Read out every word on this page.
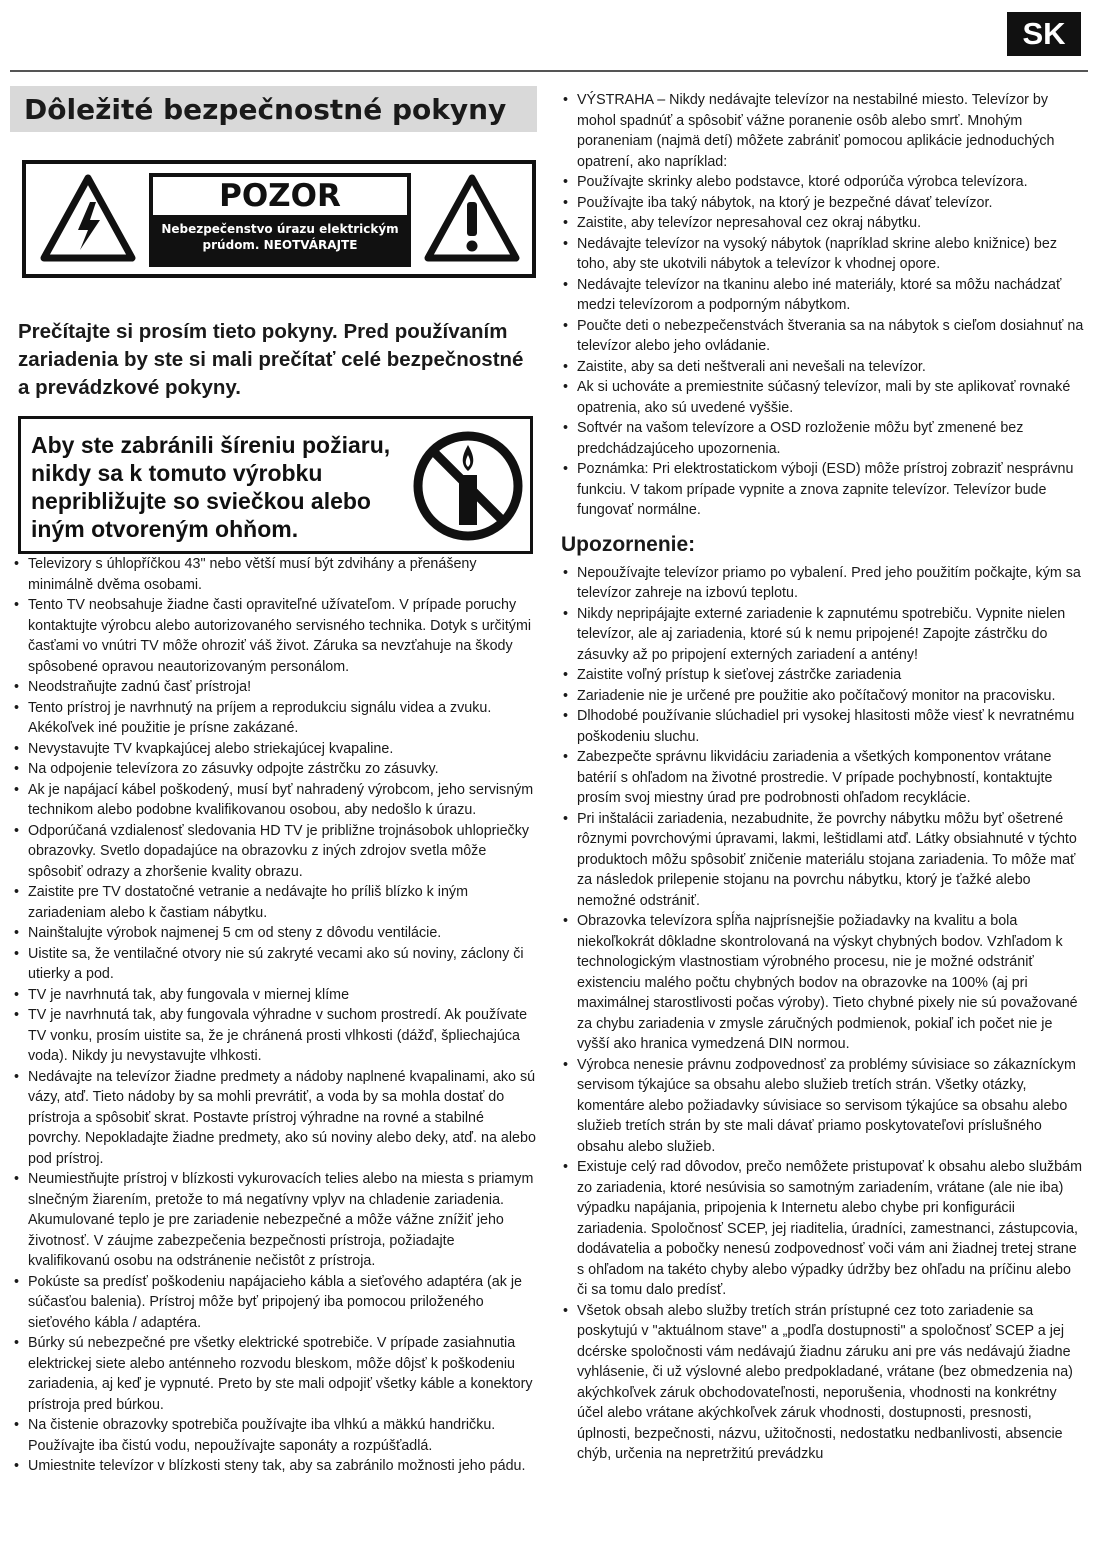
SK
Dôležité bezpečnostné pokyny
POZOR
Nebezpečenstvo úrazu elektrickým
prúdom. NEOTVÁRAJTE
Prečítajte si prosím tieto pokyny. Pred používaním zariadenia by ste si mali prečítať celé bezpečnostné a prevádzkové pokyny.
Aby ste zabránili šíreniu požiaru, nikdy sa k tomuto výrobku nepribližujte so sviečkou alebo iným otvoreným ohňom.
• Televizory s úhlopříčkou 43" nebo větší musí být zdvihány a přenášeny minimálně dvěma osobami.
• Tento TV neobsahuje žiadne časti opraviteľné užívateľom. V prípade poruchy kontaktujte výrobcu alebo autorizovaného servisného technika. Dotyk s určitými časťami vo vnútri TV môže ohroziť váš život. Záruka sa nevzťahuje na škody spôsobené opravou neautorizovaným personálom.
• Neodstraňujte zadnú časť prístroja!
• Tento prístroj je navrhnutý na príjem a reprodukciu signálu videa a zvuku. Akékoľvek iné použitie je prísne zakázané.
• Nevystavujte TV kvapkajúcej alebo striekajúcej kvapaline.
• Na odpojenie televízora zo zásuvky odpojte zástrčku zo zásuvky.
• Ak je napájací kábel poškodený, musí byť nahradený výrobcom, jeho servisným technikom alebo podobne kvalifikovanou osobou, aby nedošlo k úrazu.
• Odporúčaná vzdialenosť sledovania HD TV je približne trojnásobok uhlopriečky obrazovky. Svetlo dopadajúce na obrazovku z iných zdrojov svetla môže spôsobiť odrazy a zhoršenie kvality obrazu.
• Zaistite pre TV dostatočné vetranie a nedávajte ho príliš blízko k iným zariadeniam alebo k častiam nábytku.
• Nainštalujte výrobok najmenej 5 cm od steny z dôvodu ventilácie.
• Uistite sa, že ventilačné otvory nie sú zakryté vecami ako sú noviny, záclony či utierky a pod.
• TV je navrhnutá tak, aby fungovala v miernej klíme
• TV je navrhnutá tak, aby fungovala výhradne v suchom prostredí. Ak používate TV vonku, prosím uistite sa, že je chránená prosti vlhkosti (dážď, špliechajúca voda). Nikdy ju nevystavujte vlhkosti.
• Nedávajte na televízor žiadne predmety a nádoby naplnené kvapalinami, ako sú vázy, atď. Tieto nádoby by sa mohli prevrátiť, a voda by sa mohla dostať do prístroja a spôsobiť skrat. Postavte prístroj výhradne na rovné a stabilné povrchy. Nepokladajte žiadne predmety, ako sú noviny alebo deky, atď. na alebo pod prístroj.
• Neumiestňujte prístroj v blízkosti vykurovacích telies alebo na miesta s priamym slnečným žiarením, pretože to má negatívny vplyv na chladenie zariadenia. Akumulované teplo je pre zariadenie nebezpečné a môže vážne znížiť jeho životnosť. V záujme zabezpečenia bezpečnosti prístroja, požiadajte kvalifikovanú osobu na odstránenie nečistôt z prístroja.
• Pokúste sa predísť poškodeniu napájacieho kábla a sieťového adaptéra (ak je súčasťou balenia). Prístroj môže byť pripojený iba pomocou priloženého sieťového kábla / adaptéra.
• Búrky sú nebezpečné pre všetky elektrické spotrebiče. V prípade zasiahnutia elektrickej siete alebo anténneho rozvodu bleskom, môže dôjsť k poškodeniu zariadenia, aj keď je vypnuté. Preto by ste mali odpojiť všetky káble a konektory prístroja pred búrkou.
• Na čistenie obrazovky spotrebiča používajte iba vlhkú a mäkkú handričku. Používajte iba čistú vodu, nepoužívajte saponáty a rozpúšťadlá.
• Umiestnite televízor v blízkosti steny tak, aby sa zabránilo možnosti jeho pádu.
• VÝSTRAHA – Nikdy nedávajte televízor na nestabilné miesto. Televízor by mohol spadnúť a spôsobiť vážne poranenie osôb alebo smrť. Mnohým poraneniam (najmä detí) môžete zabrániť pomocou aplikácie jednoduchých opatrení, ako napríklad:
• Používajte skrinky alebo podstavce, ktoré odporúča výrobca televízora.
• Používajte iba taký nábytok, na ktorý je bezpečné dávať televízor.
• Zaistite, aby televízor nepresahoval cez okraj nábytku.
• Nedávajte televízor na vysoký nábytok (napríklad skrine alebo knižnice) bez toho, aby ste ukotvili nábytok a televízor k vhodnej opore.
• Nedávajte televízor na tkaninu alebo iné materiály, ktoré sa môžu nachádzať medzi televízorom a podporným nábytkom.
• Poučte deti o nebezpečenstvách štverania sa na nábytok s cieľom dosiahnuť na televízor alebo jeho ovládanie.
• Zaistite, aby sa deti neštverali ani nevešali na televízor.
• Ak si uchováte a premiestnite súčasný televízor, mali by ste aplikovať rovnaké opatrenia, ako sú uvedené vyššie.
• Softvér na vašom televízore a OSD rozloženie môžu byť zmenené bez predchádzajúceho upozornenia.
• Poznámka: Pri elektrostatickom výboji (ESD) môže prístroj zobraziť nesprávnu funkciu. V takom prípade vypnite a znova zapnite televízor. Televízor bude fungovať normálne.
Upozornenie:
• Nepoužívajte televízor priamo po vybalení. Pred jeho použitím počkajte, kým sa televízor zahreje na izbovú teplotu.
• Nikdy nepripájajte externé zariadenie k zapnutému spotrebiču. Vypnite nielen televízor, ale aj zariadenia, ktoré sú k nemu pripojené! Zapojte zástrčku do zásuvky až po pripojení externých zariadení a antény!
• Zaistite voľný prístup k sieťovej zástrčke zariadenia
• Zariadenie nie je určené pre použitie ako počítačový monitor na pracovisku.
• Dlhodobé používanie slúchadiel pri vysokej hlasitosti môže viesť k nevratnému poškodeniu sluchu.
• Zabezpečte správnu likvidáciu zariadenia a všetkých komponentov vrátane batérií s ohľadom na životné prostredie. V prípade pochybností, kontaktujte prosím svoj miestny úrad pre podrobnosti ohľadom recyklácie.
• Pri inštalácii zariadenia, nezabudnite, že povrchy nábytku môžu byť ošetrené rôznymi povrchovými úpravami, lakmi, leštidlami atď. Látky obsiahnuté v týchto produktoch môžu spôsobiť zničenie materiálu stojana zariadenia. To môže mať za následok prilepenie stojanu na povrchu nábytku, ktorý je ťažké alebo nemožné odstrániť.
• Obrazovka televízora spĺňa najprísnejšie požiadavky na kvalitu a bola niekoľkokrát dôkladne skontrolovaná na výskyt chybných bodov. Vzhľadom k technologickým vlastnostiam výrobného procesu, nie je možné odstrániť existenciu malého počtu chybných bodov na obrazovke na 100% (aj pri maximálnej starostlivosti počas výroby). Tieto chybné pixely nie sú považované za chybu zariadenia v zmysle záručných podmienok, pokiaľ ich počet nie je vyšší ako hranica vymedzená DIN normou.
• Výrobca nenesie právnu zodpovednosť za problémy súvisiace so zákazníckym servisom týkajúce sa obsahu alebo služieb tretích strán. Všetky otázky, komentáre alebo požiadavky súvisiace so servisom týkajúce sa obsahu alebo služieb tretích strán by ste mali dávať priamo poskytovateľovi príslušného obsahu alebo služieb.
• Existuje celý rad dôvodov, prečo nemôžete pristupovať k obsahu alebo službám zo zariadenia, ktoré nesúvisia so samotným zariadením, vrátane (ale nie iba) výpadku napájania, pripojenia k Internetu alebo chybe pri konfigurácii zariadenia. Spoločnosť SCEP, jej riaditelia, úradníci, zamestnanci, zástupcovia, dodávatelia a pobočky nenesú zodpovednosť voči vám ani žiadnej tretej strane s ohľadom na takéto chyby alebo výpadky údržby bez ohľadu na príčinu alebo či sa tomu dalo predísť.
• Všetok obsah alebo služby tretích strán prístupné cez toto zariadenie sa poskytujú v "aktuálnom stave" a „podľa dostupnosti" a spoločnosť SCEP a jej dcérske spoločnosti vám nedávajú žiadnu záruku ani pre vás nedávajú žiadne vyhlásenie, či už výslovné alebo predpokladané, vrátane (bez obmedzenia na) akýchkoľvek záruk obchodovateľnosti, neporušenia, vhodnosti na konkrétny účel alebo vrátane akýchkoľvek záruk vhodnosti, dostupnosti, presnosti, úplnosti, bezpečnosti, názvu, užitočnosti, nedostatku nedbanlivosti, absencie chýb, určenia na nepretržitú prevádzku
